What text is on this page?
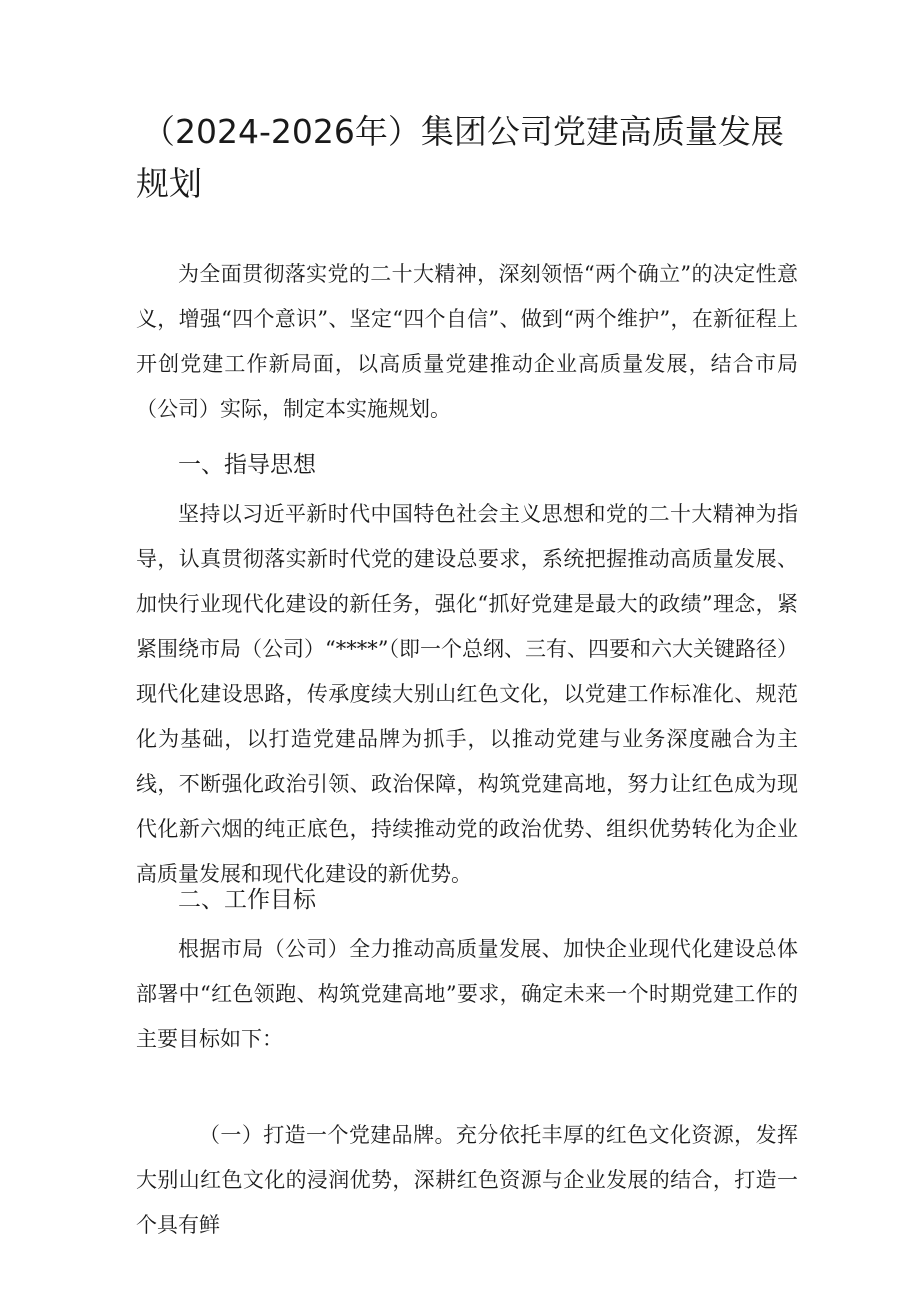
（2024-2026年）集团公司党建高质量发展规划

为全面贯彻落实党的二十大精神，深刻领悟“两个确立”的决定性意义，增强“四个意识”、坚定“四个自信”、做到“两个维护”，在新征程上开创党建工作新局面，以高质量党建推动企业高质量发展，结合市局（公司）实际，制定本实施规划。

一、指导思想

坚持以习近平新时代中国特色社会主义思想和党的二十大精神为指导，认真贯彻落实新时代党的建设总要求，系统把握推动高质量发展、加快行业现代化建设的新任务，强化“抓好党建是最大的政绩”理念，紧紧围绕市局（公司）“****”（即一个总纲、三有、四要和六大关键路径）现代化建设思路，传承度续大别山红色文化，以党建工作标准化、规范化为基础，以打造党建品牌为抓手，以推动党建与业务深度融合为主线，不断强化政治引领、政治保障，构筑党建高地，努力让红色成为现代化新六烟的纯正底色，持续推动党的政治优势、组织优势转化为企业高质量发展和现代化建设的新优势。

二、工作目标

根据市局（公司）全力推动高质量发展、加快企业现代化建设总体部署中“红色领跑、构筑党建高地”要求，确定未来一个时期党建工作的主要目标如下：

（一）打造一个党建品牌。充分依托丰厚的红色文化资源，发挥大别山红色文化的浸润优势，深耕红色资源与企业发展的结合，打造一个具有鲜
